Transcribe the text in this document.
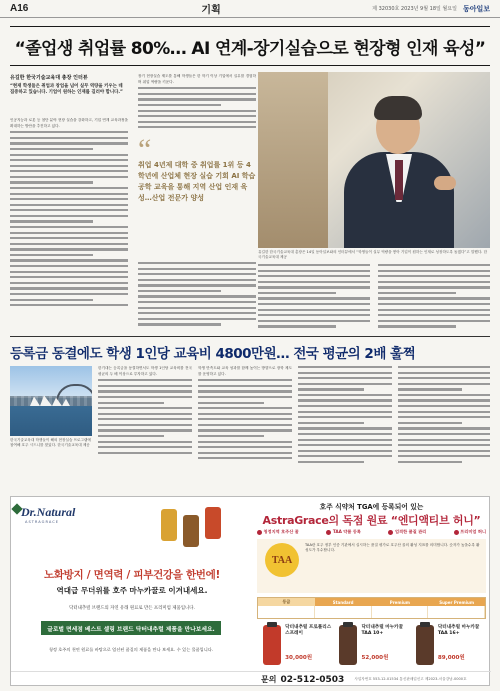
A16	기획	제 32030호 2023년 9월 18일 월요일 동아일보
“졸업생 취업률 80%… AI 연계-장기실습으로 현장형 인재 육성”
유길한 한국기술교육대 총장 인터뷰
“현재 학생들은 취업과 창업을 넘어 실무 역량을 키우는 데 집중하고 있습니다. 기업이 원하는 인재를 길러야 합니다.”

인공지능과 로봇 등 첨단 분야 현장 실습을 강화하고, 기업 연계 교육과정을 확대하는 방안을 추진하고 있다.

장기 현장실습 제도를 통해 학생들은 한 학기 이상 기업에서 실무를 경험하며 취업 역량을 키운다.

“
취업 4년제 대학 중 취업률 1위 등 4학년에 산업체 현장 실습 기회 AI 학습 공학 교육을 통해 지역 산업 인재 육성…산업 전문가 양성
유길한 한국기술교육대 총장은 14일 동아일보와의 인터뷰에서 “학생들이 실무 역량을 쌓아 기업이 원하는 인재로 성장하도록 돕겠다”고 말했다. 한국기술교육대 제공
등록금 동결에도 학생 1인당 교육비 4800만원… 전국 평균의 2배 훌쩍
한국기술교육대 학생들이 해외 현장실습 프로그램에 참여해 호주 시드니를 찾았다. 한국기술교육대 제공

한기대는 등록금을 동결하면서도 학생 1인당 교육비를 전국 평균의 두 배 이상으로 투자하고 있다.

학생 만족도와 교육 성과를 함께 높이는 방향으로 장학 제도를 운영하고 있다.

Dr.Natural
ASTRAGRACE
노화방지 / 면역력 / 피부건강을 한번에!
역대급 무더위를 호주 마누카꿀로 이겨내세요.
닥터내추럴 브랜드의 자연 유래 원료로 만든 프리미엄 제품입니다.
글로벌 면세점 베스트 셀링 브랜드 닥터내추럴 제품을 만나보세요.
청정 호주의 천연 원료를 바탕으로 엄선된 품질의 제품을 만나 보세요. 수 있는 물품입니다.
호주 식약처 TGA에 등록되어 있는
AstraGrace의 독점 원료 “엔디액티브 허니”
청정지역 호주산 꿀	TAA 약품 등록	엄격한 품질 관리	프리미엄 허니
TAA
TAA란 호주 정부 인증 기관에서 실시하는 품질 평가로 호주산 꿀의 활성 지표를 의미합니다. 숫자가 높을수록 활성도가 우수합니다.
등급	Standard	Premium	Super Premium
닥터내추럴 프로폴리스 스프레이
30,000원
닥터내추럴 마누카꿀 TAA 10+
52,000원
닥터내추럴 마누카꿀 TAA 16+
89,000원
문의 02-512-0503	사업자번호 553-12-01534 통신판매업신고 제2023-서울강남-0000호
